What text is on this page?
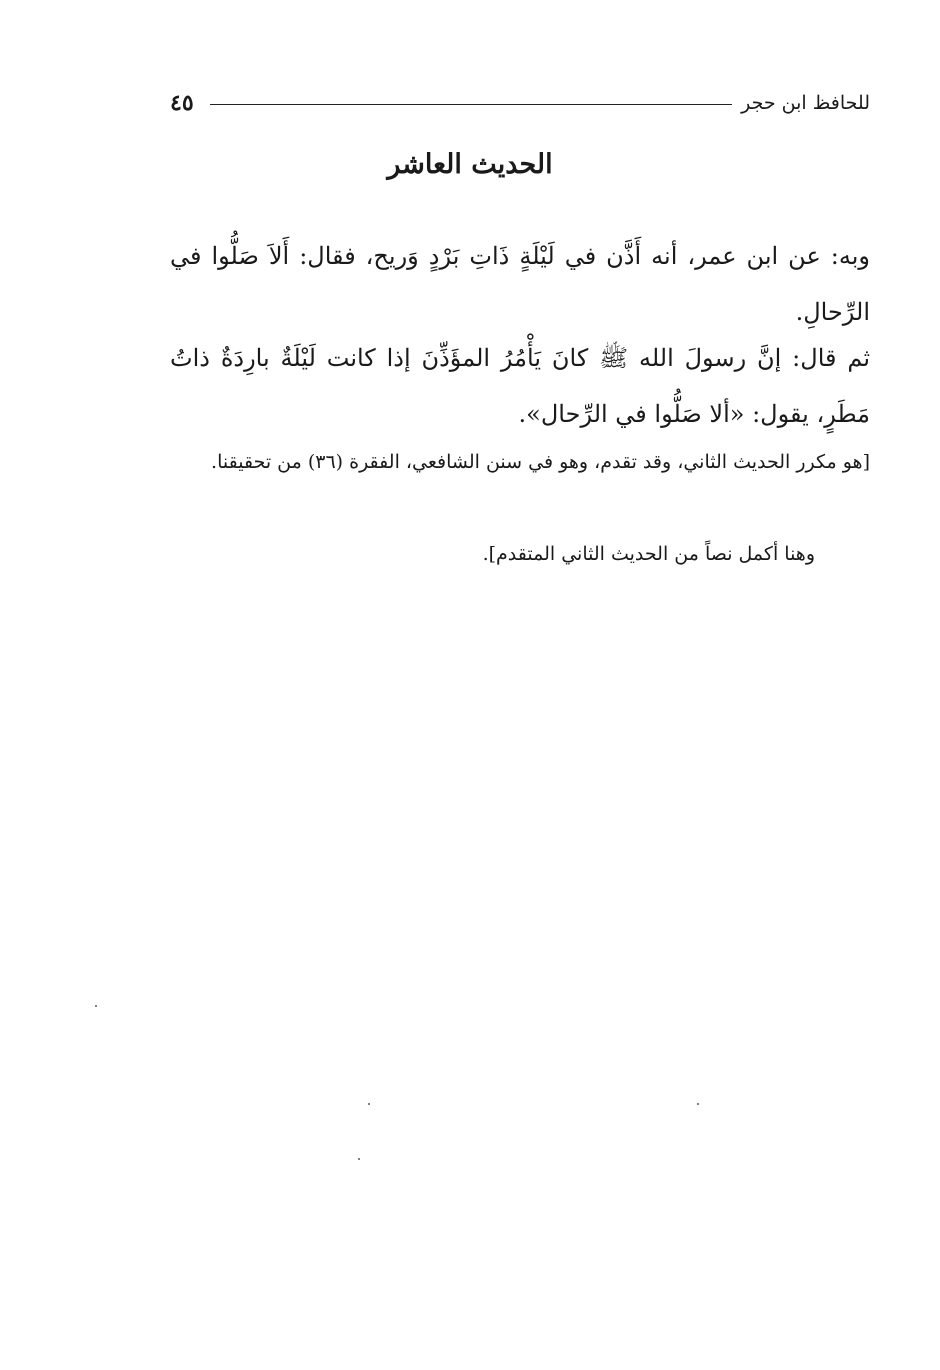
للحافظ ابن حجر
٤٥
الحديث العاشر

وبه: عن ابن عمر، أنه أَذَّن في لَيْلَةٍ ذَاتِ بَرْدٍ وَريح، فقال: أَلاَ صَلُّوا في الرِّحالِ.

ثم قال: إنَّ رسولَ الله ﷺ كانَ يَأْمُرُ المؤَذِّنَ إذا كانت لَيْلَةٌ بارِدَةٌ ذاتُ مَطَرٍ، يقول: «ألا صَلُّوا في الرِّحال».

[هو مكرر الحديث الثاني، وقد تقدم، وهو في سنن الشافعي، الفقرة (٣٦) من تحقيقنا.

وهنا أكمل نصاً من الحديث الثاني المتقدم].
